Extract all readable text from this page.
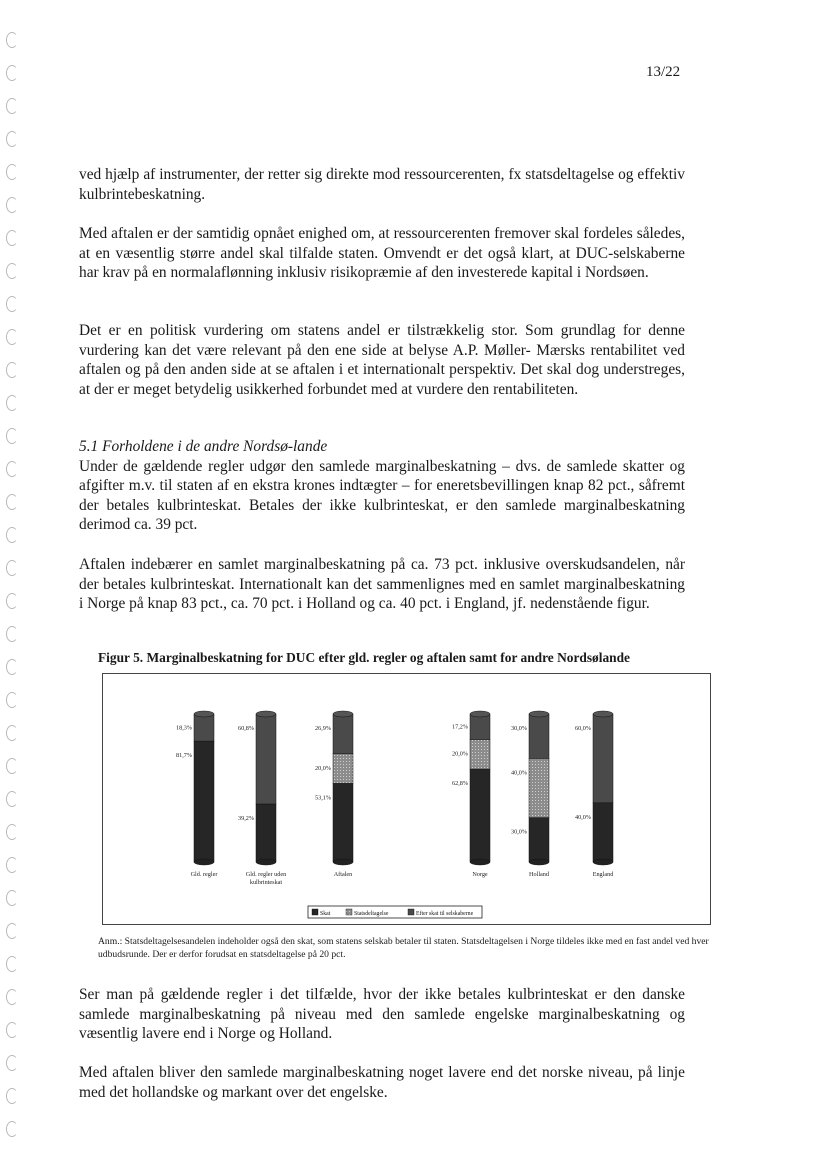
13/22

ved hjælp af instrumenter, der retter sig direkte mod ressourcerenten, fx statsdeltagelse og effektiv kulbrintebeskatning.

Med aftalen er der samtidig opnået enighed om, at ressourcerenten fremover skal fordeles således, at en væsentlig større andel skal tilfalde staten. Omvendt er det også klart, at DUC-selskaberne har krav på en normalaflønning inklusiv risikopræmie af den investerede kapital i Nordsøen.

Det er en politisk vurdering om statens andel er tilstrækkelig stor. Som grundlag for denne vurdering kan det være relevant på den ene side at belyse A.P. Møller- Mærsks rentabilitet ved aftalen og på den anden side at se aftalen i et internationalt perspektiv. Det skal dog understreges, at der er meget betydelig usikkerhed forbundet med at vurdere den rentabiliteten.

5.1 Forholdene i de andre Nordsø-lande
Under de gældende regler udgør den samlede marginalbeskatning – dvs. de samlede skatter og afgifter m.v. til staten af en ekstra krones indtægter – for eneretsbevillingen knap 82 pct., såfremt der betales kulbrinteskat. Betales der ikke kulbrinteskat, er den samlede marginalbeskatning derimod ca. 39 pct.

Aftalen indebærer en samlet marginalbeskatning på ca. 73 pct. inklusive overskudsandelen, når der betales kulbrinteskat. Internationalt kan det sammenlignes med en samlet marginalbeskatning i Norge på knap 83 pct., ca. 70 pct. i Holland og ca. 40 pct. i England, jf. nedenstående figur.

Figur 5. Marginalbeskatning for DUC efter gld. regler og aftalen samt for andre Nordsølande
81,7%
18,3%
Gld. regler
39,2%
60,8%
Gld. regler uden
kulbrinteskat
53,1%
20,0%
26,9%
Aftalen
62,8%
20,0%
17,2%
Norge
30,0%
40,0%
30,0%
Holland
40,0%
60,0%
England
Skat	Statsdeltagelse	Efter skat til selskaberne

Anm.: Statsdeltagelsesandelen indeholder også den skat, som statens selskab betaler til staten. Statsdeltagelsen i Norge tildeles ikke med en fast andel ved hver udbudsrunde. Der er derfor forudsat en statsdeltagelse på 20 pct.

Ser man på gældende regler i det tilfælde, hvor der ikke betales kulbrinteskat er den danske samlede marginalbeskatning på niveau med den samlede engelske marginalbeskatning og væsentlig lavere end i Norge og Holland.

Med aftalen bliver den samlede marginalbeskatning noget lavere end det norske niveau, på linje med det hollandske og markant over det engelske.
